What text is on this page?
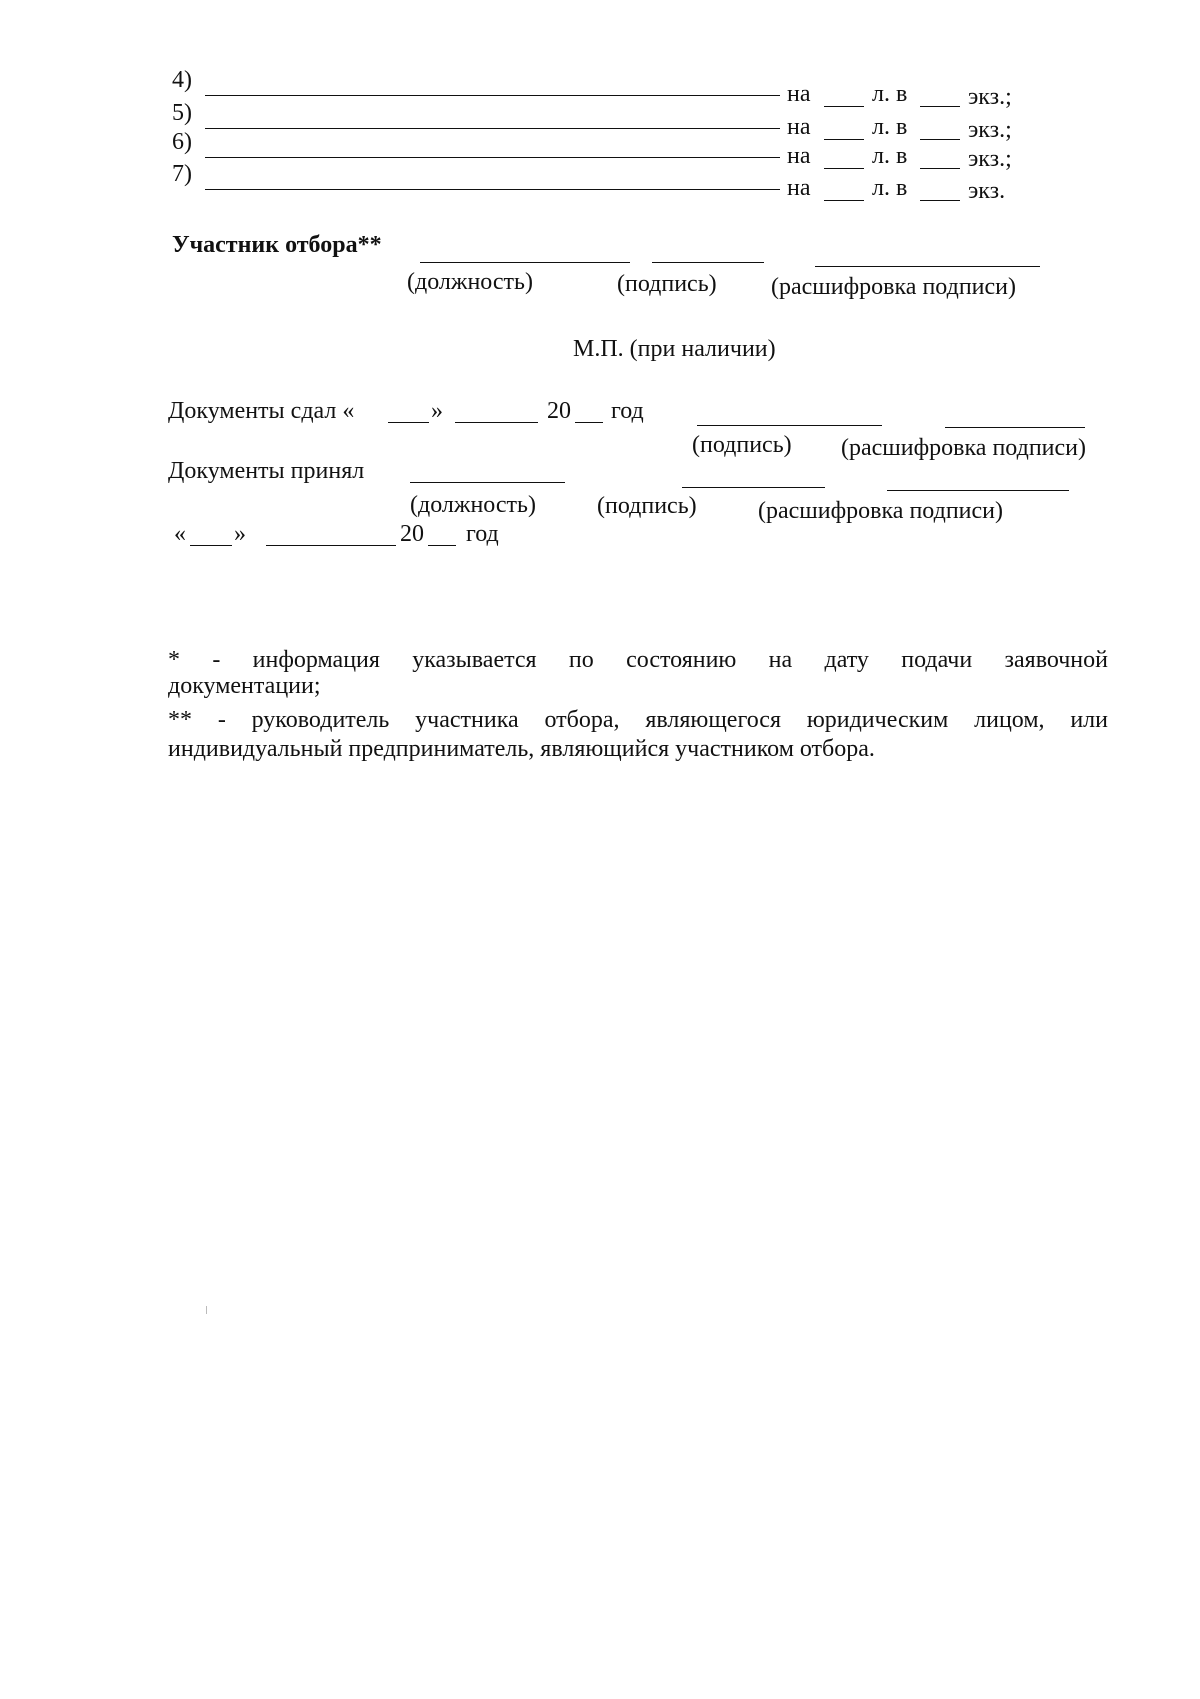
4)
на	л. в	экз.;
5)
на	л. в	экз.;
6)
на	л. в	экз.;
7)
на	л. в	экз.
Участник отбора**
(должность)	(подпись) (расшифровка подписи)
М.П. (при наличии)
Документы сдал «	»	20 год
(подпись) (расшифровка подписи)
Документы принял
(должность)	(подпись)	(расшифровка подписи)
« »	20 год
* - информация указывается по состоянию на дату подачи заявочной
документации;
** - руководитель участника отбора, являющегося юридическим лицом, или
индивидуальный предприниматель, являющийся участником отбора.
